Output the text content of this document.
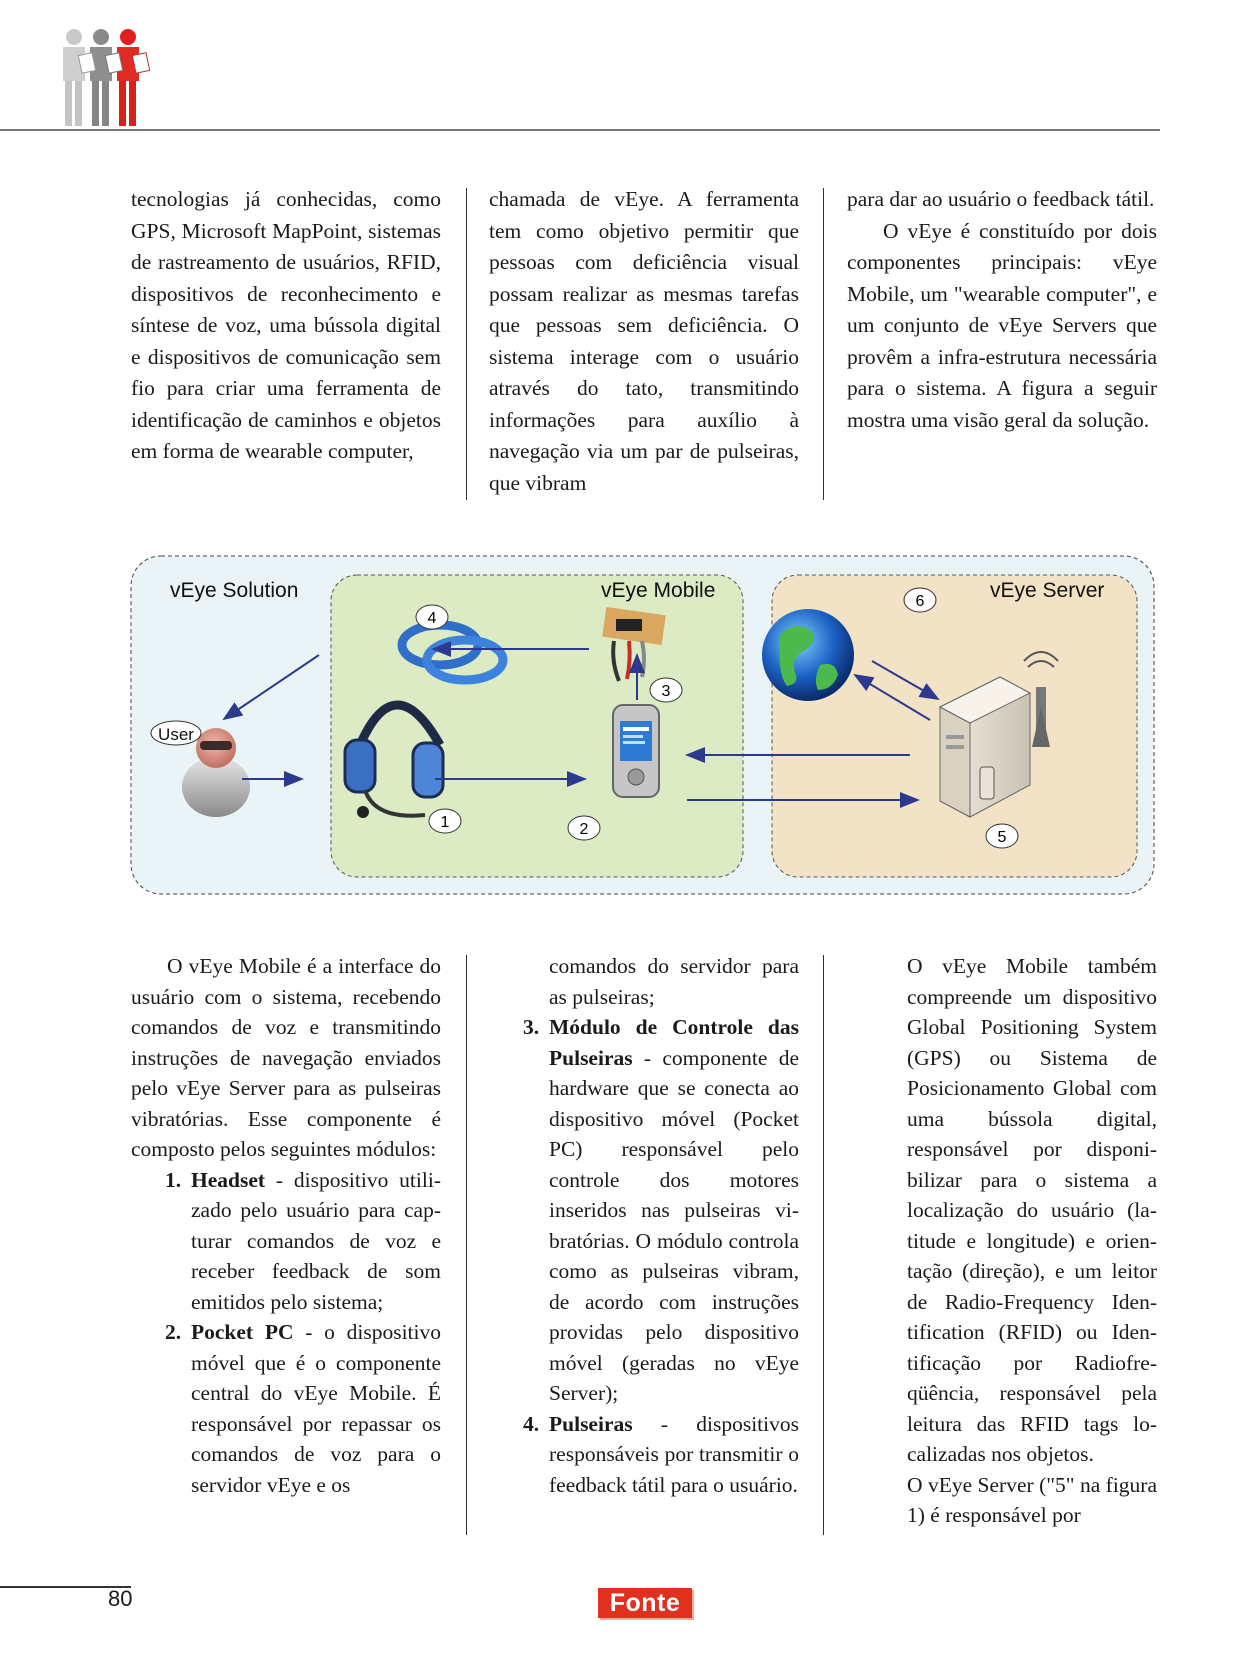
tecnologias já conhecidas, como GPS, Microsoft MapPoint, sistemas de rastreamento de usuários, RFID, dispositivos de reconhecimento e síntese de voz, uma bússola digital e dispositivos de comunicação sem fio para criar uma ferramenta de identificação de caminhos e objetos em forma de wearable computer,

chamada de vEye. A ferramenta tem como objetivo permitir que pessoas com deficiência visual possam realizar as mesmas tarefas que pessoas sem deficiência. O sistema interage com o usuário através do tato, transmitindo informações para auxílio à navegação via um par de pulseiras, que vibram

para dar ao usuário o feedback tátil.

O vEye é constituído por dois componentes principais: vEye Mobile, um "wearable computer", e um conjunto de vEye Servers que provêm a infra-estrutura necessária para o sistema. A figura a seguir mostra uma visão geral da solução.

vEye Solution	vEye Mobile	vEye Server
User
1	2
3
4
5
6

O vEye Mobile é a interface do usuário com o sistema, recebendo comandos de voz e transmitindo instruções de navegação enviados pelo vEye Server para as pulseiras vibratórias. Esse componente é composto pelos seguintes módulos:

1. Headset - dispositivo utilizado pelo usuário para capturar comandos de voz e receber feedback de som emitidos pelo sistema;

2. Pocket PC - o dispositivo móvel que é o componente central do vEye Mobile. É responsável por repassar os comandos de voz para o servidor vEye e os

comandos do servidor para as pulseiras;

3. Módulo de Controle das Pulseiras - componente de hardware que se conecta ao dispositivo móvel (Pocket PC) responsável pelo controle dos motores inseridos nas pulseiras vibratórias. O módulo controla como as pulseiras vibram, de acordo com instruções providas pelo dispositivo móvel (geradas no vEye Server);

4. Pulseiras - dispositivos responsáveis por transmitir o feedback tátil para o usuário.

O vEye Mobile também compreende um dispositivo Global Positioning System (GPS) ou Sistema de Posicionamento Global com uma bússola digital, responsável por disponibilizar para o sistema a localização do usuário (latitude e longitude) e orientação (direção), e um leitor de Radio-Frequency Identification (RFID) ou Identificação por Radiofreqüência, responsável pela leitura das RFID tags localizadas nos objetos.

O vEye Server ("5" na figura 1) é responsável por

80	Fonte
